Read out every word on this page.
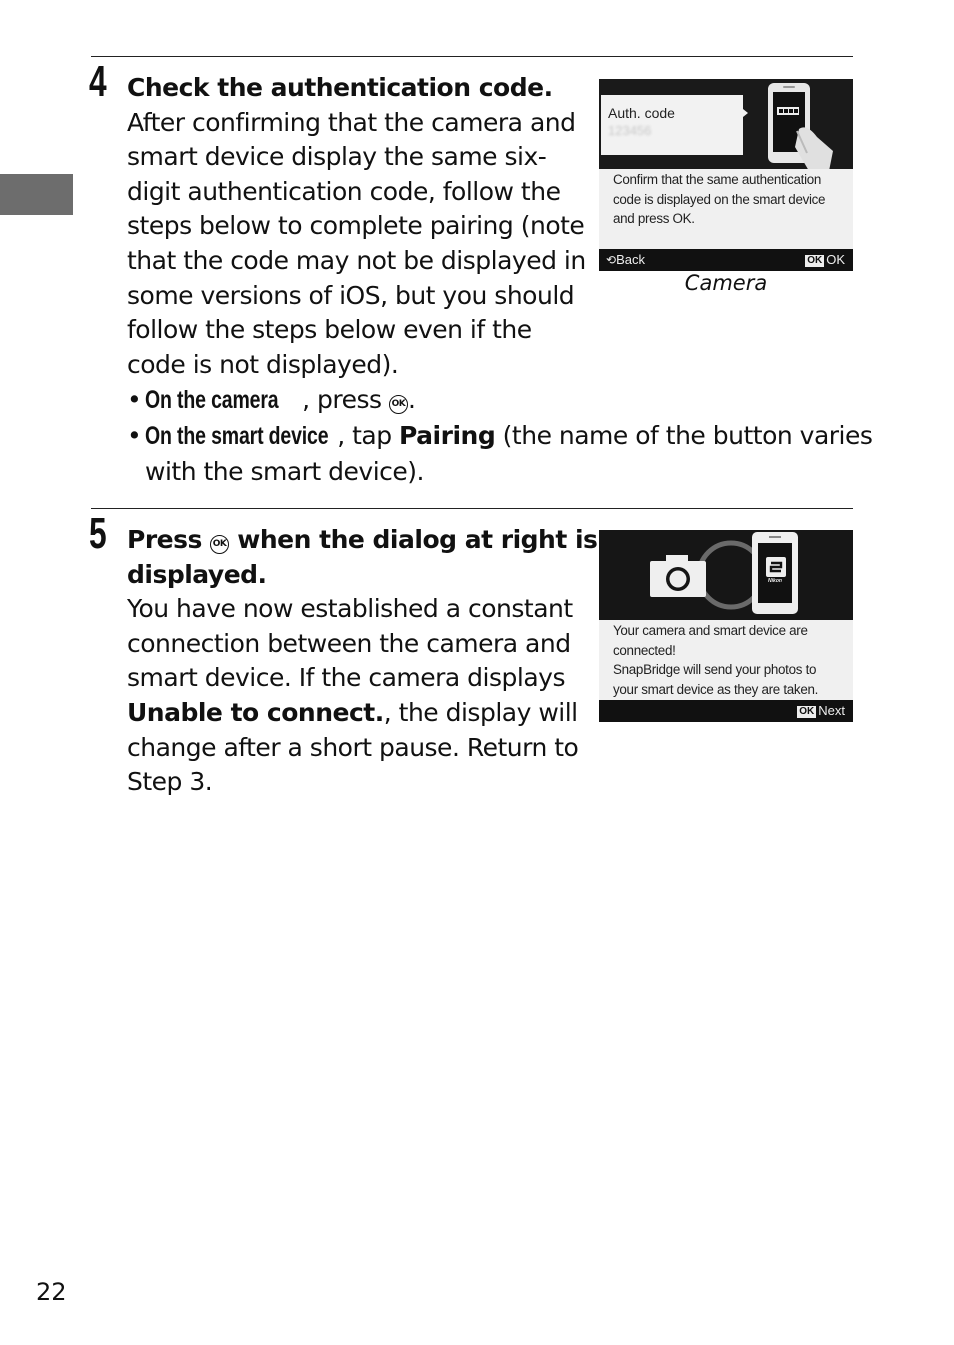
4 Check the authentication code.
After confirming that the camera and
smart device display the same six-
digit authentication code, follow the
steps below to complete pairing (note
that the code may not be displayed in
some versions of iOS, but you should
follow the steps below even if the
code is not displayed).
• On the camera , press OK .
• On the smart device , tap Pairing (the name of the button varies
with the smart device).
Auth. code
123456
Confirm that the same authentication
code is displayed on the smart device
and press OK.
⟲Back	OK OK
Camera
5 Press OK when the dialog at right is
displayed.
You have now established a constant
connection between the camera and
smart device. If the camera displays
Unable to connect., the display will
change after a short pause. Return to
Step 3.
Nikon
Your camera and smart device are
connected!
SnapBridge will send your photos to
your smart device as they are taken.
OK Next
22
